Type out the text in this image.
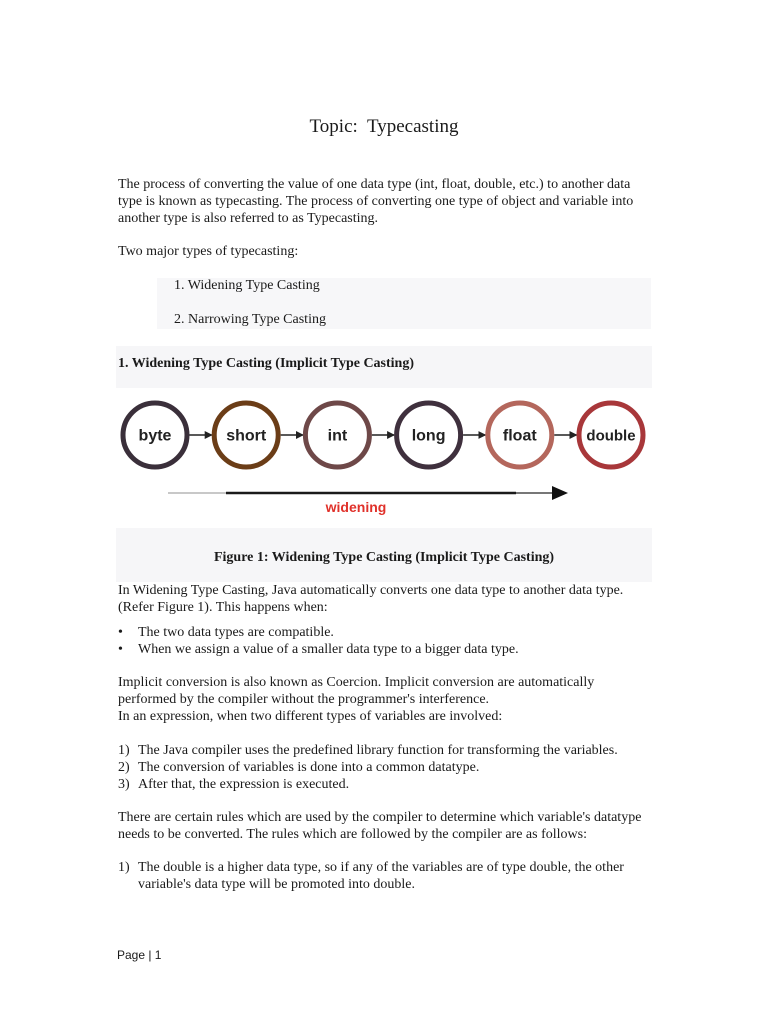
Topic:  Typecasting

The process of converting the value of one data type (int, float, double, etc.) to another data
type is known as typecasting. The process of converting one type of object and variable into
another type is also referred to as Typecasting.

Two major types of typecasting:

1. Widening Type Casting
2. Narrowing Type Casting
1. Widening Type Casting (Implicit Type Casting)
byte	short	int	long	float	double
widening
Figure 1: Widening Type Casting (Implicit Type Casting)

In Widening Type Casting, Java automatically converts one data type to another data type.
(Refer Figure 1). This happens when:

• The two data types are compatible.
• When we assign a value of a smaller data type to a bigger data type.

Implicit conversion is also known as Coercion. Implicit conversion are automatically
performed by the compiler without the programmer's interference.
In an expression, when two different types of variables are involved:

1) The Java compiler uses the predefined library function for transforming the variables.
2) The conversion of variables is done into a common datatype.
3) After that, the expression is executed.

There are certain rules which are used by the compiler to determine which variable's datatype
needs to be converted. The rules which are followed by the compiler are as follows:

1) The double is a higher data type, so if any of the variables are of type double, the other variable's data type will be promoted into double.
Page | 1
